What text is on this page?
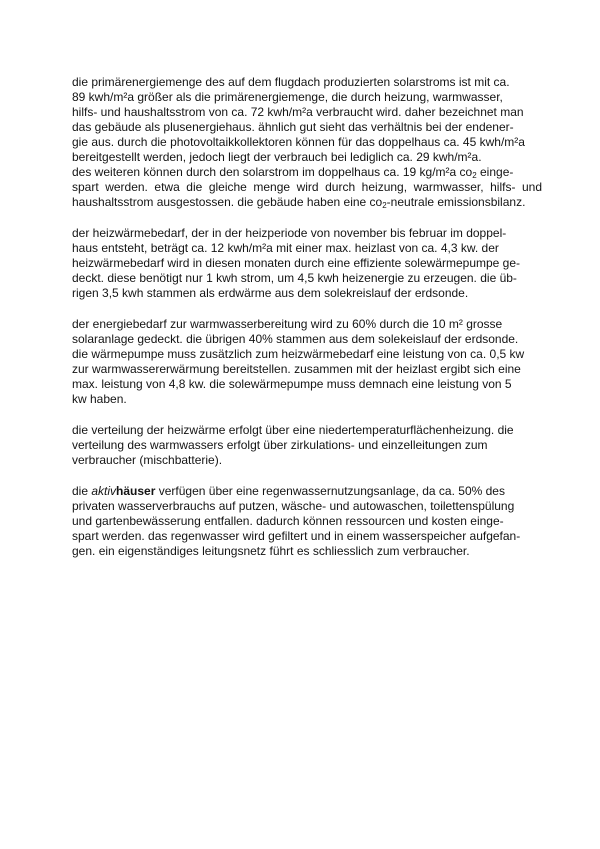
die primärenergiemenge des auf dem flugdach produzierten solarstroms ist mit ca.
89 kwh/m²a größer als die primärenergiemenge, die durch heizung, warmwasser,
hilfs- und haushaltsstrom von ca. 72 kwh/m²a verbraucht wird. daher bezeichnet man
das gebäude als plusenergiehaus. ähnlich gut sieht das verhältnis bei der endener-
gie aus. durch die photovoltaikkollektoren können für das doppelhaus ca. 45 kwh/m²a
bereitgestellt werden, jedoch liegt der verbrauch bei lediglich ca. 29 kwh/m²a.
des weiteren können durch den solarstrom im doppelhaus ca. 19 kg/m²a $co_2$ einge-
spart werden. etwa die gleiche menge wird durch heizung, warmwasser, hilfs- und
haushaltsstrom ausgestossen. die gebäude haben eine $co_2$-neutrale emissionsbilanz.
der heizwärmebedarf, der in der heizperiode von november bis februar im doppel-
haus entsteht, beträgt ca. 12 kwh/m²a mit einer max. heizlast von ca. 4,3 kw. der
heizwärmebedarf wird in diesen monaten durch eine effiziente solewärmepumpe ge-
deckt. diese benötigt nur 1 kwh strom, um 4,5 kwh heizenergie zu erzeugen. die üb-
rigen 3,5 kwh stammen als erdwärme aus dem solekreislauf der erdsonde.
der energiebedarf zur warmwasserbereitung wird zu 60% durch die 10 m² grosse
solaranlage gedeckt. die übrigen 40% stammen aus dem solekeislauf der erdsonde.
die wärmepumpe muss zusätzlich zum heizwärmebedarf eine leistung von ca. 0,5 kw
zur warmwassererwärmung bereitstellen. zusammen mit der heizlast ergibt sich eine
max. leistung von 4,8 kw. die solewärmepumpe muss demnach eine leistung von 5
kw haben.
die verteilung der heizwärme erfolgt über eine niedertemperaturflächenheizung. die
verteilung des warmwassers erfolgt über zirkulations- und einzelleitungen zum
verbraucher (mischbatterie).
die aktivhäuser verfügen über eine regenwassernutzungsanlage, da ca. 50% des
privaten wasserverbrauchs auf putzen, wäsche- und autowaschen, toilettenspülung
und gartenbewässerung entfallen. dadurch können ressourcen und kosten einge-
spart werden. das regenwasser wird gefiltert und in einem wasserspeicher aufgefan-
gen. ein eigenständiges leitungsnetz führt es schliesslich zum verbraucher.
